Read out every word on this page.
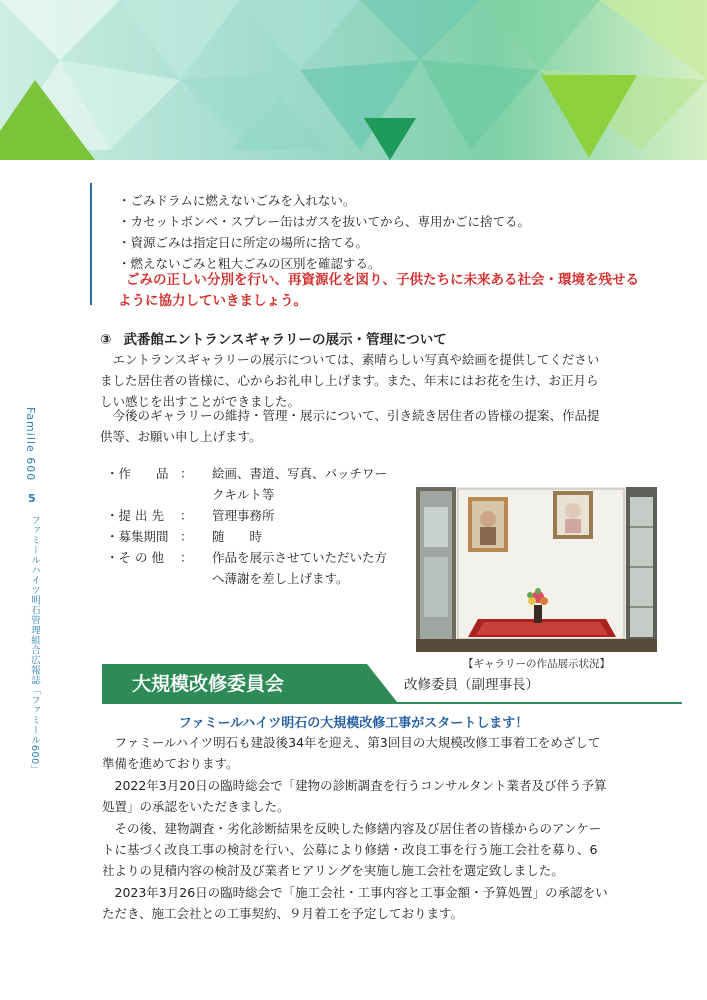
Famille 600
5
ファミールハイツ明石管理組合広報誌「ファミール600」
・ごみドラムに燃えないごみを入れない。
・カセットボンベ・スプレー缶はガスを抜いてから、専用かごに捨てる。
・資源ごみは指定日に所定の場所に捨てる。
・燃えないごみと粗大ごみの区別を確認する。
ごみの正しい分別を行い、再資源化を図り、子供たちに未来ある社会・環境を残せる
ように協力していきましょう。
③ 武番館エントランスギャラリーの展示・管理について
　エントランスギャラリーの展示については、素晴らしい写真や絵画を提供してください
ました居住者の皆様に、心からお礼申し上げます。また、年末にはお花を生け、お正月ら
しい感じを出すことができました。
　今後のギャラリーの維持・管理・展示について、引き続き居住者の皆様の提案、作品提
供等、お願い申し上げます。
・作　　品 ：	絵画、書道、写真、パッチワー
クキルト等
・提 出 先	：	管理事務所
・募集期間 ：	随　　時
・そ の 他	：	作品を展示させていただいた方
へ薄謝を差し上げます。
【ギャラリーの作品展示状況】
大規模改修委員会	改修委員（副理事長）
ファミールハイツ明石の大規模改修工事がスタートします！
　ファミールハイツ明石も建設後34年を迎え、第3回目の大規模改修工事着工をめざして
準備を進めております。
　2022年3月20日の臨時総会で「建物の診断調査を行うコンサルタント業者及び伴う予算
処置」の承認をいただきました。
　その後、建物調査・劣化診断結果を反映した修繕内容及び居住者の皆様からのアンケー
トに基づく改良工事の検討を行い、公募により修繕・改良工事を行う施工会社を募り、6
社よりの見積内容の検討及び業者ヒアリングを実施し施工会社を選定致しました。
　2023年3月26日の臨時総会で「施工会社・工事内容と工事金額・予算処置」の承認をい
ただき、施工会社との工事契約、９月着工を予定しております。
